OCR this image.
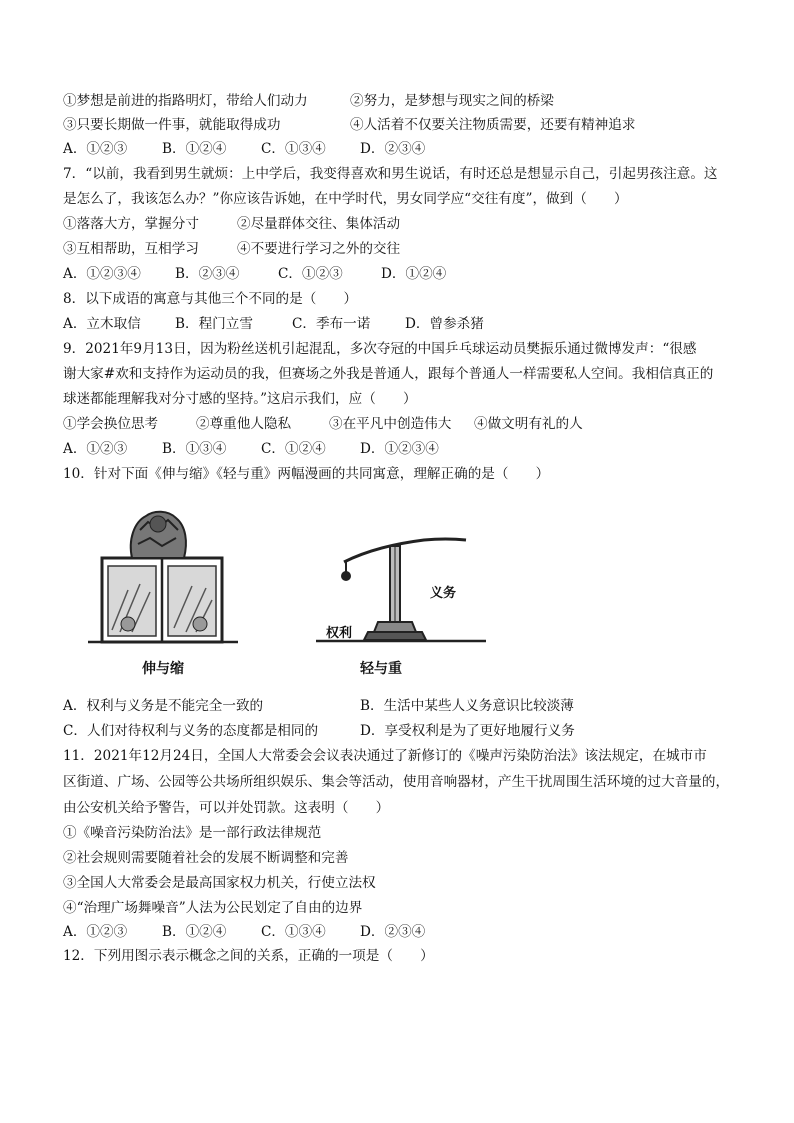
①梦想是前进的指路明灯，带给人们动力	②努力，是梦想与现实之间的桥梁
③只要长期做一件事，就能取得成功	④人活着不仅要关注物质需要，还要有精神追求
A．①②③	B．①②④	C．①③④	D．②③④
7．“以前，我看到男生就烦：上中学后，我变得喜欢和男生说话，有时还总是想显示自己，引起男孩注意。这
是怎么了，我该怎么办？”你应该告诉她，在中学时代，男女同学应“交往有度”，做到（　　）
①落落大方，掌握分寸	②尽量群体交往、集体活动
③互相帮助，互相学习	④不要进行学习之外的交往
A．①②③④	B．②③④	C．①②③	D．①②④
8．以下成语的寓意与其他三个不同的是（　　）
A．立木取信	B．程门立雪	C．季布一诺	D．曾参杀猪
9．2021年9月13日，因为粉丝送机引起混乱，多次夺冠的中国乒乓球运动员樊振乐通过微博发声：“很感
谢大家#欢和支持作为运动员的我，但赛场之外我是普通人，跟每个普通人一样需要私人空间。我相信真正的
球迷都能理解我对分寸感的坚持。”这启示我们，应（　　）
①学会换位思考	②尊重他人隐私	③在平凡中创造伟大 ④做文明有礼的人
A．①②③	B．①③④	C．①②④	D．①②③④
10．针对下面《伸与缩》《轻与重》两幅漫画的共同寓意，理解正确的是（　　）
伸与缩
义务
权利
轻与重
A．权利与义务是不能完全一致的	B．生活中某些人义务意识比较淡薄
C．人们对待权利与义务的态度都是相同的	D．享受权利是为了更好地履行义务
11．2021年12月24日，全国人大常委会会议表决通过了新修订的《噪声污染防治法》该法规定，在城市市
区街道、广场、公园等公共场所组织娱乐、集会等活动，使用音响器材，产生干扰周围生活环境的过大音量的，
由公安机关给予警告，可以并处罚款。这表明（　　）
①《噪音污染防治法》是一部行政法律规范
②社会规则需要随着社会的发展不断调整和完善
③全国人大常委会是最高国家权力机关，行使立法权
④“治理广场舞噪音”人法为公民划定了自由的边界
A．①②③	B．①②④	C．①③④	D．②③④
12．下列用图示表示概念之间的关系，正确的一项是（　　）
